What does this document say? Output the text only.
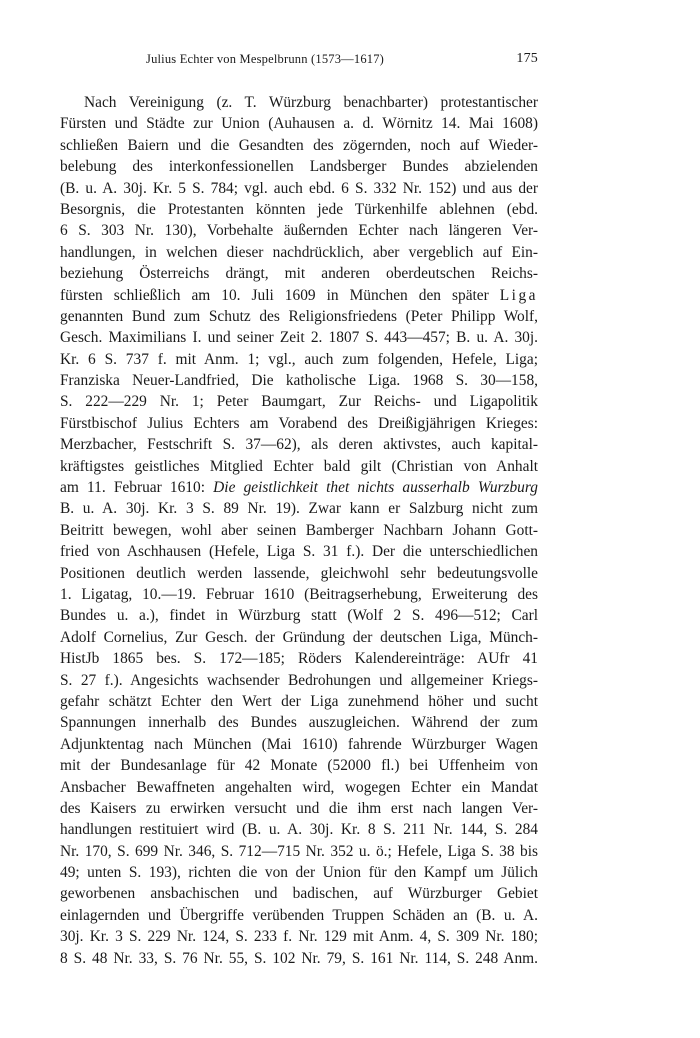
Julius Echter von Mespelbrunn (1573—1617)	175

Nach Vereinigung (z. T. Würzburg benachbarter) protestantischer
Fürsten und Städte zur Union (Auhausen a. d. Wörnitz 14. Mai 1608)
schließen Baiern und die Gesandten des zögernden, noch auf Wieder-
belebung des interkonfessionellen Landsberger Bundes abzielenden
(B. u. A. 30j. Kr. 5 S. 784; vgl. auch ebd. 6 S. 332 Nr. 152) und aus der
Besorgnis, die Protestanten könnten jede Türkenhilfe ablehnen (ebd.
6 S. 303 Nr. 130), Vorbehalte äußernden Echter nach längeren Ver-
handlungen, in welchen dieser nachdrücklich, aber vergeblich auf Ein-
beziehung Österreichs drängt, mit anderen oberdeutschen Reichs-
fürsten schließlich am 10. Juli 1609 in München den später Liga
genannten Bund zum Schutz des Religionsfriedens (Peter Philipp Wolf,
Gesch. Maximilians I. und seiner Zeit 2. 1807 S. 443—457; B. u. A. 30j.
Kr. 6 S. 737 f. mit Anm. 1; vgl., auch zum folgenden, Hefele, Liga;
Franziska Neuer-Landfried, Die katholische Liga. 1968 S. 30—158,
S. 222—229 Nr. 1; Peter Baumgart, Zur Reichs- und Ligapolitik
Fürstbischof Julius Echters am Vorabend des Dreißigjährigen Krieges:
Merzbacher, Festschrift S. 37—62), als deren aktivstes, auch kapital-
kräftigstes geistliches Mitglied Echter bald gilt (Christian von Anhalt
am 11. Februar 1610: Die geistlichkeit thet nichts ausserhalb Wurzburg
B. u. A. 30j. Kr. 3 S. 89 Nr. 19). Zwar kann er Salzburg nicht zum
Beitritt bewegen, wohl aber seinen Bamberger Nachbarn Johann Gott-
fried von Aschhausen (Hefele, Liga S. 31 f.). Der die unterschiedlichen
Positionen deutlich werden lassende, gleichwohl sehr bedeutungsvolle
1. Ligatag, 10.—19. Februar 1610 (Beitragserhebung, Erweiterung des
Bundes u. a.), findet in Würzburg statt (Wolf 2 S. 496—512; Carl
Adolf Cornelius, Zur Gesch. der Gründung der deutschen Liga, Münch-
HistJb 1865 bes. S. 172—185; Röders Kalendereinträge: AUfr 41
S. 27 f.). Angesichts wachsender Bedrohungen und allgemeiner Kriegs-
gefahr schätzt Echter den Wert der Liga zunehmend höher und sucht
Spannungen innerhalb des Bundes auszugleichen. Während der zum
Adjunktentag nach München (Mai 1610) fahrende Würzburger Wagen
mit der Bundesanlage für 42 Monate (52000 fl.) bei Uffenheim von
Ansbacher Bewaffneten angehalten wird, wogegen Echter ein Mandat
des Kaisers zu erwirken versucht und die ihm erst nach langen Ver-
handlungen restituiert wird (B. u. A. 30j. Kr. 8 S. 211 Nr. 144, S. 284
Nr. 170, S. 699 Nr. 346, S. 712—715 Nr. 352 u. ö.; Hefele, Liga S. 38 bis
49; unten S. 193), richten die von der Union für den Kampf um Jülich
geworbenen ansbachischen und badischen, auf Würzburger Gebiet
einlagernden und Übergriffe verübenden Truppen Schäden an (B. u. A.
30j. Kr. 3 S. 229 Nr. 124, S. 233 f. Nr. 129 mit Anm. 4, S. 309 Nr. 180;
8 S. 48 Nr. 33, S. 76 Nr. 55, S. 102 Nr. 79, S. 161 Nr. 114, S. 248 Anm.
